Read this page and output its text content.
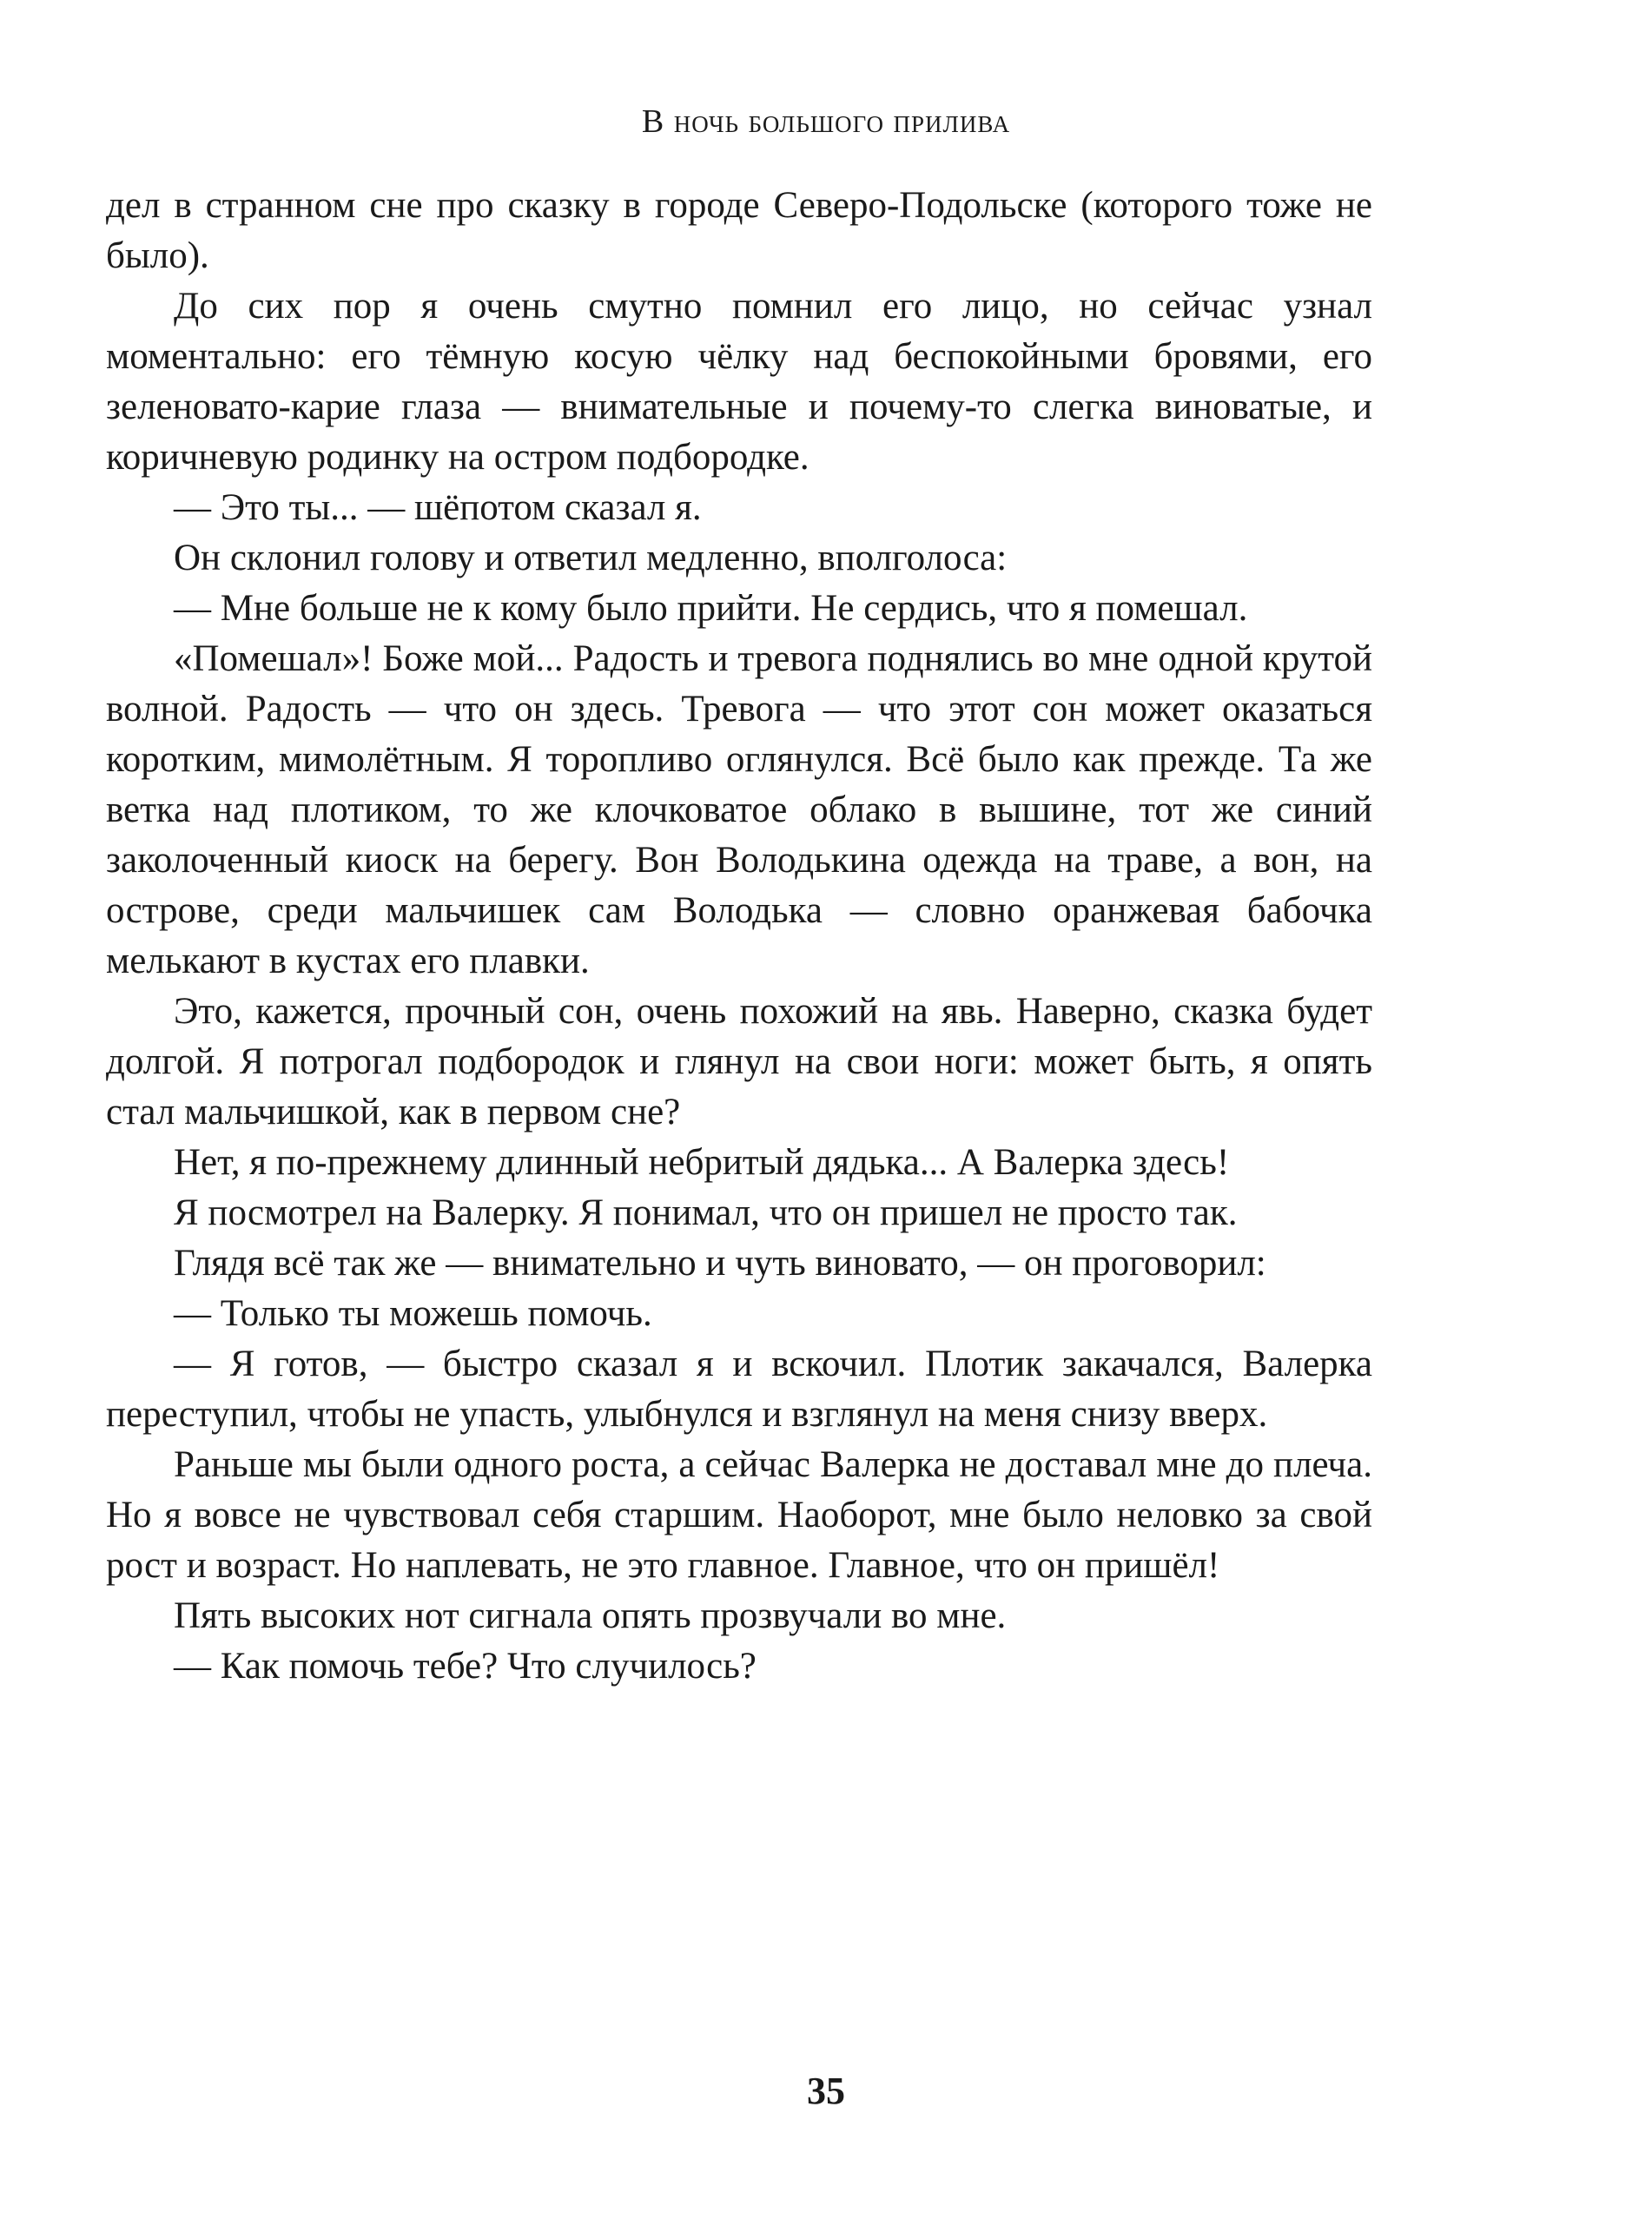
В ночь большого прилива

дел в странном сне про сказку в городе Северо-Подольске (которого тоже не было).

До сих пор я очень смутно помнил его лицо, но сейчас узнал моментально: его тёмную косую чёлку над беспокойными бровями, его зеленовато-карие глаза — внимательные и почему-то слегка виноватые, и коричневую родинку на остром подбородке.

— Это ты... — шёпотом сказал я.

Он склонил голову и ответил медленно, вполголоса:

— Мне больше не к кому было прийти. Не сердись, что я помешал.

«Помешал»! Боже мой... Радость и тревога поднялись во мне одной крутой волной. Радость — что он здесь. Тревога — что этот сон может оказаться коротким, мимолётным. Я торопливо оглянулся. Всё было как прежде. Та же ветка над плотиком, то же клочковатое облако в вышине, тот же синий заколоченный киоск на берегу. Вон Володькина одежда на траве, а вон, на острове, среди мальчишек сам Володька — словно оранжевая бабочка мелькают в кустах его плавки.

Это, кажется, прочный сон, очень похожий на явь. Наверно, сказка будет долгой. Я потрогал подбородок и глянул на свои ноги: может быть, я опять стал мальчишкой, как в первом сне?

Нет, я по-прежнему длинный небритый дядька... А Валерка здесь!

Я посмотрел на Валерку. Я понимал, что он пришел не просто так.

Глядя всё так же — внимательно и чуть виновато, — он проговорил:

— Только ты можешь помочь.

— Я готов, — быстро сказал я и вскочил. Плотик закачался, Валерка переступил, чтобы не упасть, улыбнулся и взглянул на меня снизу вверх.

Раньше мы были одного роста, а сейчас Валерка не доставал мне до плеча. Но я вовсе не чувствовал себя старшим. Наоборот, мне было неловко за свой рост и возраст. Но наплевать, не это главное. Главное, что он пришёл!

Пять высоких нот сигнала опять прозвучали во мне.

— Как помочь тебе? Что случилось?

35
